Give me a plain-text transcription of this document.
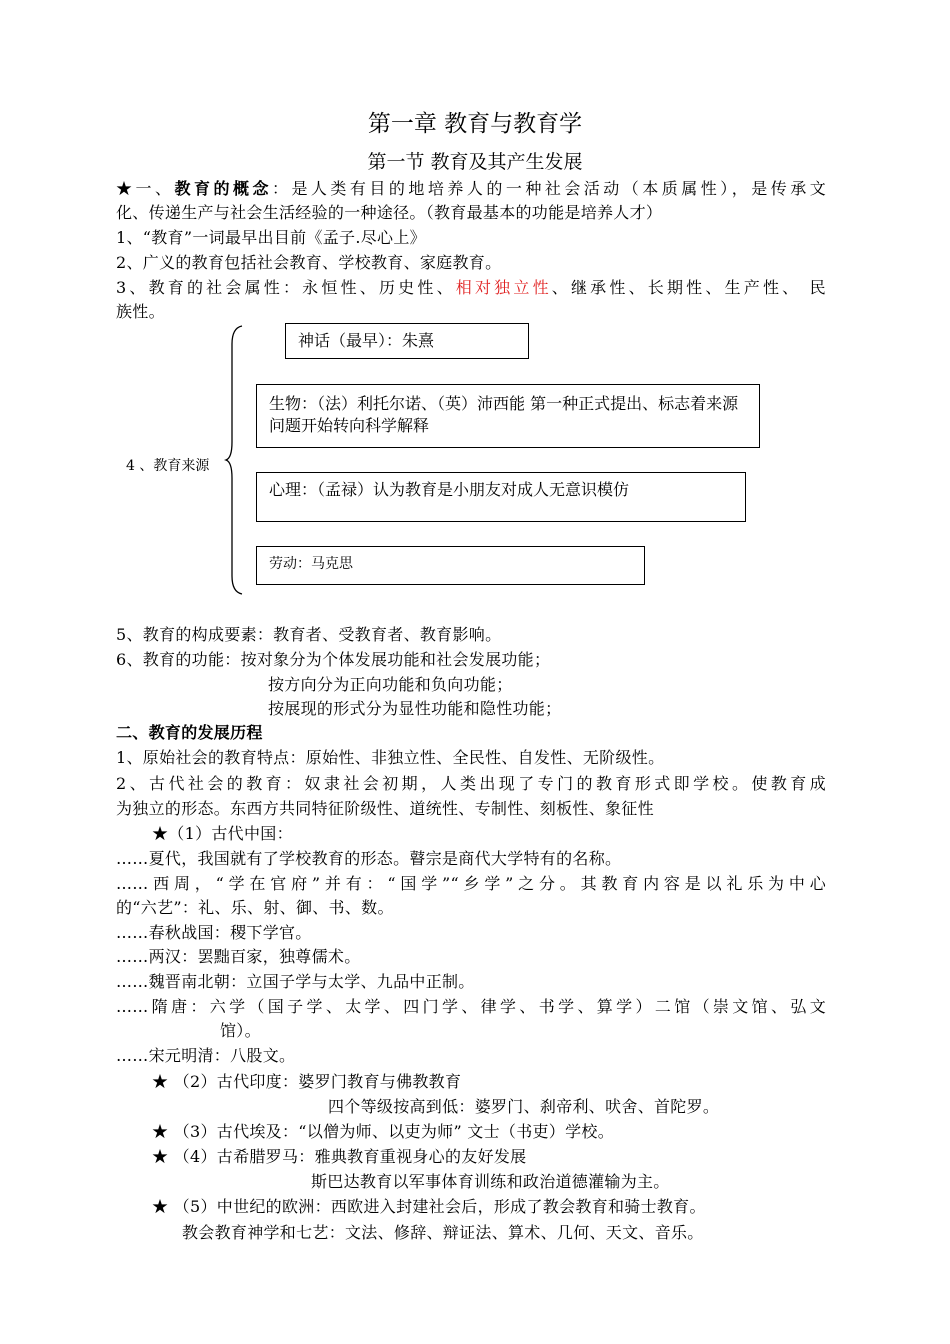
第一章 教育与教育学
第一节 教育及其产生发展
★一、教育的概念：是人类有目的地培养人的一种社会活动（本质属性），是传承文
化、传递生产与社会生活经验的一种途径。（教育最基本的功能是培养人才）
1、“教育”一词最早出目前《孟子.尽心上》
2、广义的教育包括社会教育、学校教育、家庭教育。
3、教育的社会属性：永恒性、历史性、相对独立性、继承性、长期性、生产性、 民
族性。
4 、教育来源
神话（最早）：朱熹
生物：（法）利托尔诺、（英）沛西能 第一种正式提出、标志着来源问题开始转向科学解释
心理：（孟禄）认为教育是小朋友对成人无意识模仿
劳动：马克思
5、教育的构成要素：教育者、受教育者、教育影响。
6、教育的功能：按对象分为个体发展功能和社会发展功能；
按方向分为正向功能和负向功能；
按展现的形式分为显性功能和隐性功能；
二、教育的发展历程
1、原始社会的教育特点：原始性、非独立性、全民性、自发性、无阶级性。
2、古代社会的教育：奴隶社会初期，人类出现了专门的教育形式即学校。使教育成
为独立的形态。东西方共同特征阶级性、道统性、专制性、刻板性、象征性
★（1）古代中国：
……夏代，我国就有了学校教育的形态。瞽宗是商代大学特有的名称。
……西周，“学在官府”并有：“国学”“乡学”之分。其教育内容是以礼乐为中心
的“六艺”：礼、乐、射、御、书、数。
……春秋战国：稷下学官。
……两汉：罢黜百家，独尊儒术。
……魏晋南北朝：立国子学与太学、九品中正制。
……隋唐：六学（国子学、太学、四门学、律学、书学、算学）二馆（崇文馆、弘文
馆）。
……宋元明清：八股文。
★ （2）古代印度：婆罗门教育与佛教教育
四个等级按高到低：婆罗门、刹帝利、吠舍、首陀罗。
★ （3）古代埃及：“以僧为师、以吏为师” 文士（书吏）学校。
★ （4）古希腊罗马：雅典教育重视身心的友好发展
斯巴达教育以军事体育训练和政治道德灌输为主。
★ （5）中世纪的欧洲：西欧进入封建社会后，形成了教会教育和骑士教育。
教会教育神学和七艺：文法、修辞、辩证法、算术、几何、天文、音乐。
